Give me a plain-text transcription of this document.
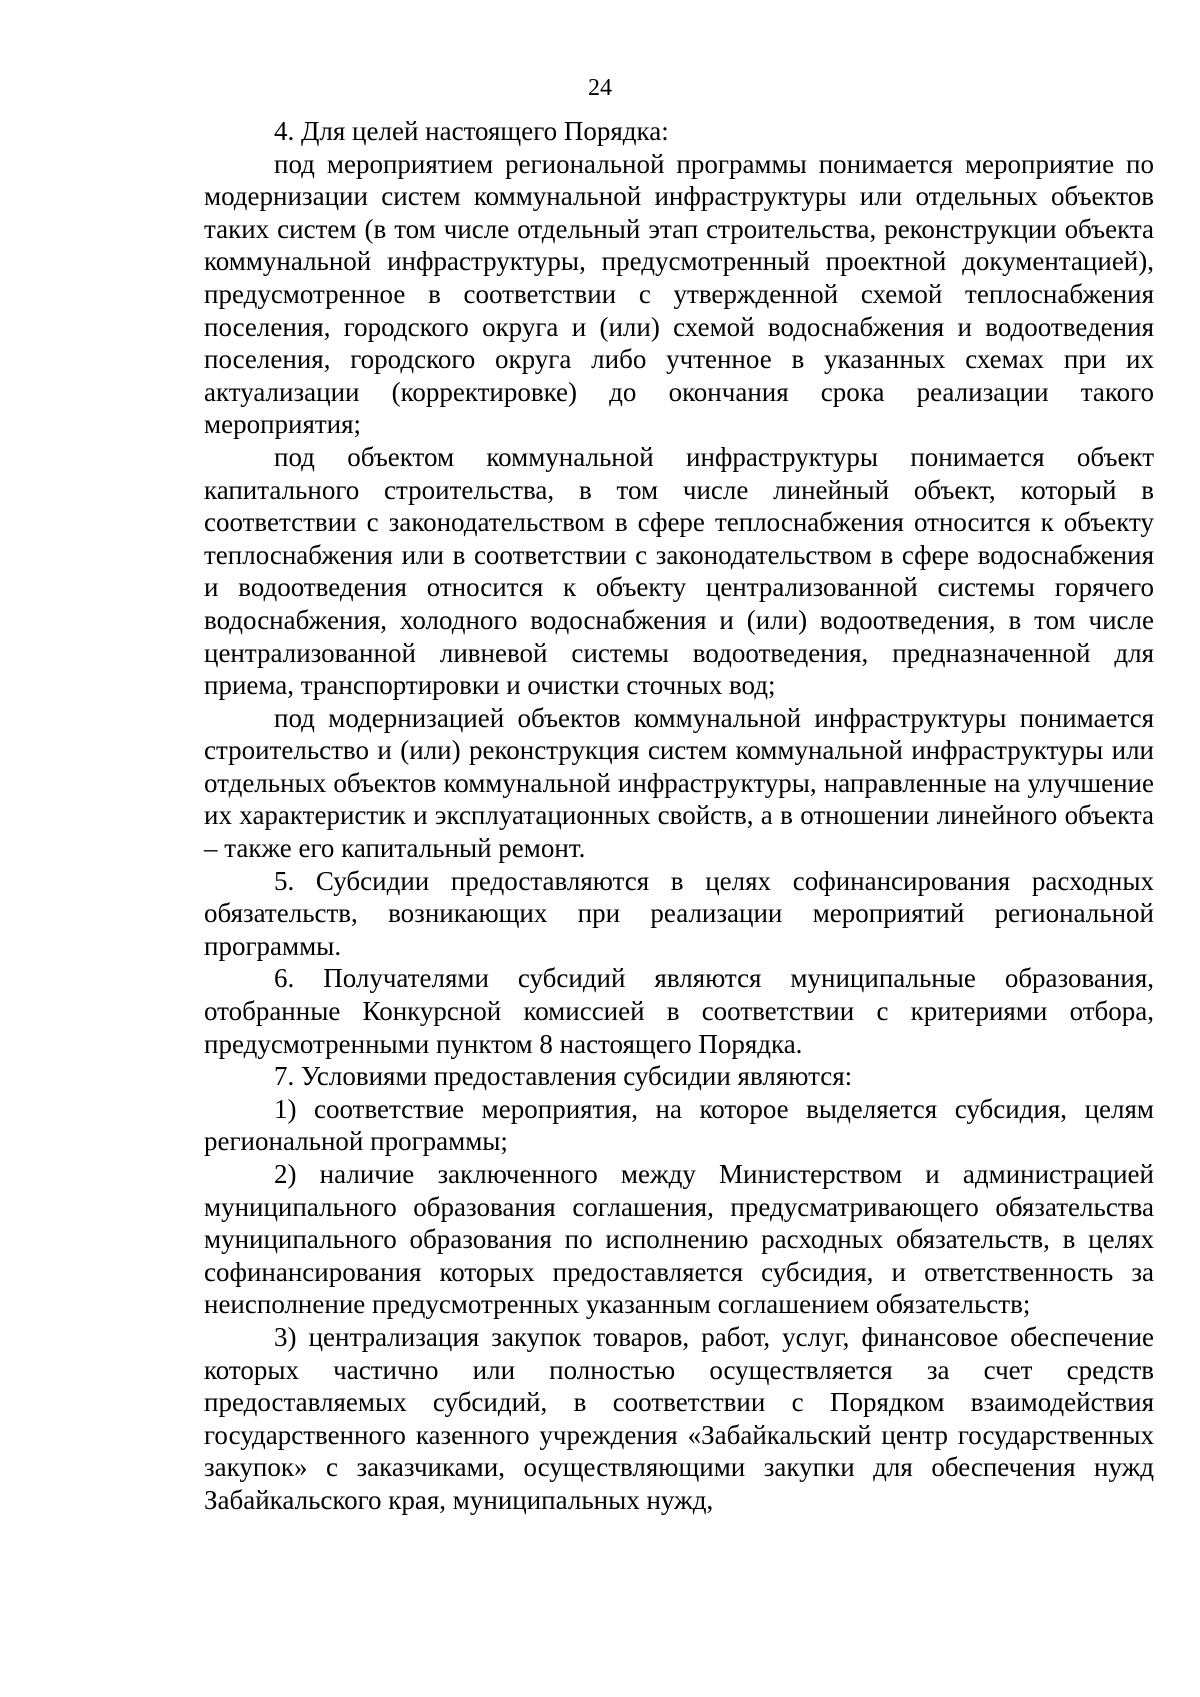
24

4. Для целей настоящего Порядка:

под мероприятием региональной программы понимается мероприятие по модернизации систем коммунальной инфраструктуры или отдельных объектов таких систем (в том числе отдельный этап строительства, реконструкции объекта коммунальной инфраструктуры, предусмотренный проектной документацией), предусмотренное в соответствии с утвержденной схемой теплоснабжения поселения, городского округа и (или) схемой водоснабжения и водоотведения поселения, городского округа либо учтенное в указанных схемах при их актуализации (корректировке) до окончания срока реализации такого мероприятия;

под объектом коммунальной инфраструктуры понимается объект капитального строительства, в том числе линейный объект, который в соответствии с законодательством в сфере теплоснабжения относится к объекту теплоснабжения или в соответствии с законодательством в сфере водоснабжения и водоотведения относится к объекту централизованной системы горячего водоснабжения, холодного водоснабжения и (или) водоотведения, в том числе централизованной ливневой системы водоотведения, предназначенной для приема, транспортировки и очистки сточных вод;

под модернизацией объектов коммунальной инфраструктуры понимается строительство и (или) реконструкция систем коммунальной инфраструктуры или отдельных объектов коммунальной инфраструктуры, направленные на улучшение их характеристик и эксплуатационных свойств, а в отношении линейного объекта – также его капитальный ремонт.

5. Субсидии предоставляются в целях софинансирования расходных обязательств, возникающих при реализации мероприятий региональной программы.

6. Получателями субсидий являются муниципальные образования, отобранные Конкурсной комиссией в соответствии с критериями отбора, предусмотренными пунктом 8 настоящего Порядка.

7. Условиями предоставления субсидии являются:

1) соответствие мероприятия, на которое выделяется субсидия, целям региональной программы;

2) наличие заключенного между Министерством и администрацией муниципального образования соглашения, предусматривающего обязательства муниципального образования по исполнению расходных обязательств, в целях софинансирования которых предоставляется субсидия, и ответственность за неисполнение предусмотренных указанным соглашением обязательств;

3) централизация закупок товаров, работ, услуг, финансовое обеспечение которых частично или полностью осуществляется за счет средств предоставляемых субсидий, в соответствии с Порядком взаимодействия государственного казенного учреждения «Забайкальский центр государственных закупок» с заказчиками, осуществляющими закупки для обеспечения нужд Забайкальского края, муниципальных нужд,
